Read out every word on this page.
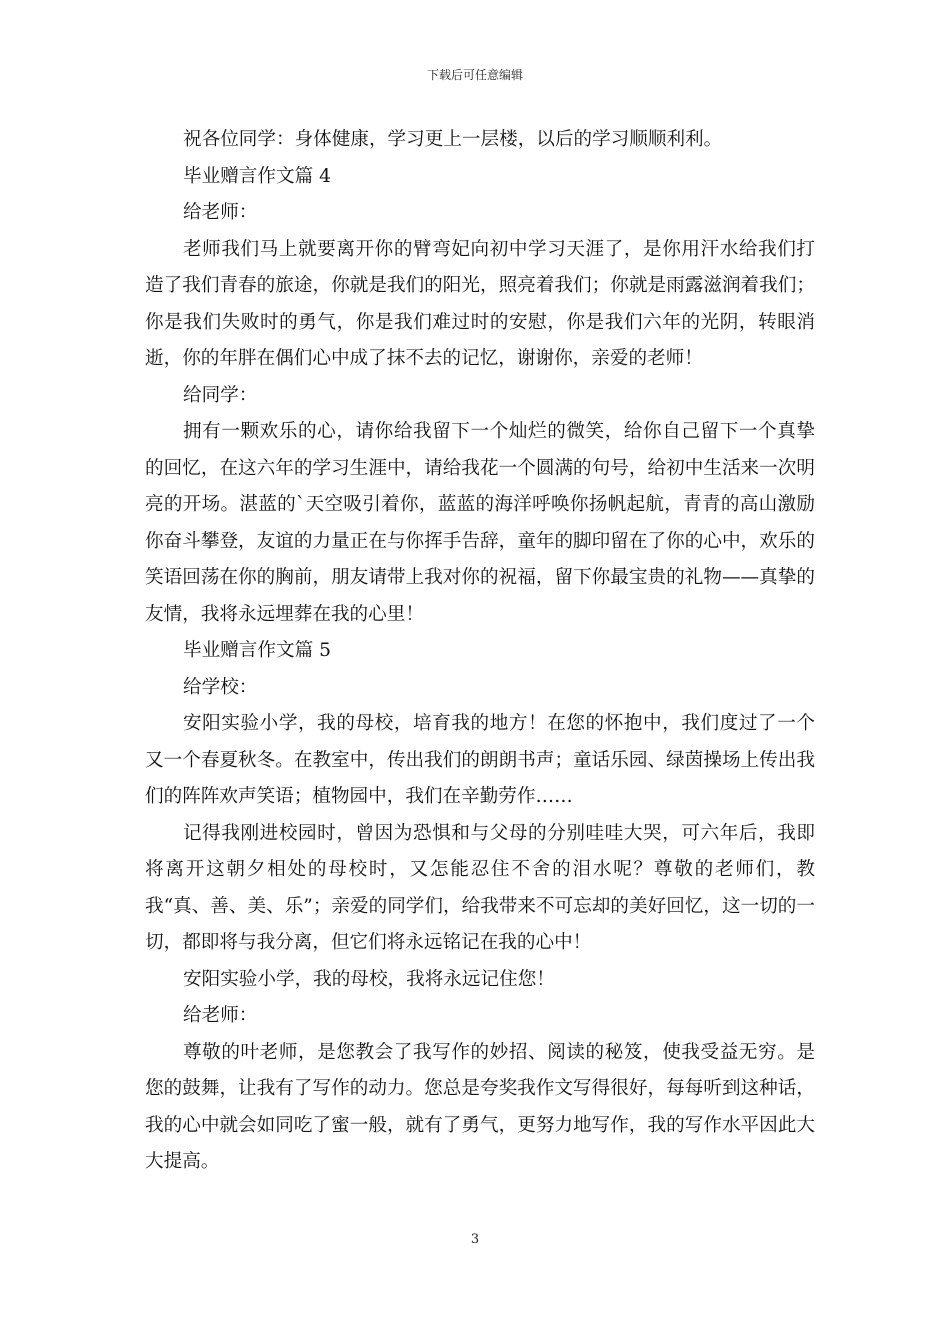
下载后可任意编辑

祝各位同学：身体健康，学习更上一层楼，以后的学习顺顺利利。

毕业赠言作文篇 4

给老师：

老师我们马上就要离开你的臂弯妃向初中学习天涯了，是你用汗水给我们打造了我们青春的旅途，你就是我们的阳光，照亮着我们；你就是雨露滋润着我们；你是我们失败时的勇气，你是我们难过时的安慰，你是我们六年的光阴，转眼消逝，你的年胖在偶们心中成了抹不去的记忆，谢谢你，亲爱的老师！

给同学：

拥有一颗欢乐的心，请你给我留下一个灿烂的微笑，给你自己留下一个真挚的回忆，在这六年的学习生涯中，请给我花一个圆满的句号，给初中生活来一次明亮的开场。湛蓝的`天空吸引着你，蓝蓝的海洋呼唤你扬帆起航，青青的高山激励你奋斗攀登，友谊的力量正在与你挥手告辞，童年的脚印留在了你的心中，欢乐的笑语回荡在你的胸前，朋友请带上我对你的祝福，留下你最宝贵的礼物——真挚的友情，我将永远埋葬在我的心里！

毕业赠言作文篇 5

给学校：

安阳实验小学，我的母校，培育我的地方！在您的怀抱中，我们度过了一个又一个春夏秋冬。在教室中，传出我们的朗朗书声；童话乐园、绿茵操场上传出我们的阵阵欢声笑语；植物园中，我们在辛勤劳作……

记得我刚进校园时，曾因为恐惧和与父母的分别哇哇大哭，可六年后，我即将离开这朝夕相处的母校时，又怎能忍住不舍的泪水呢？尊敬的老师们，教我“真、善、美、乐”；亲爱的同学们，给我带来不可忘却的美好回忆，这一切的一切，都即将与我分离，但它们将永远铭记在我的心中！

安阳实验小学，我的母校，我将永远记住您！

给老师：

尊敬的叶老师，是您教会了我写作的妙招、阅读的秘笈，使我受益无穷。是您的鼓舞，让我有了写作的动力。您总是夸奖我作文写得很好，每每听到这种话，我的心中就会如同吃了蜜一般，就有了勇气，更努力地写作，我的写作水平因此大大提高。

3
